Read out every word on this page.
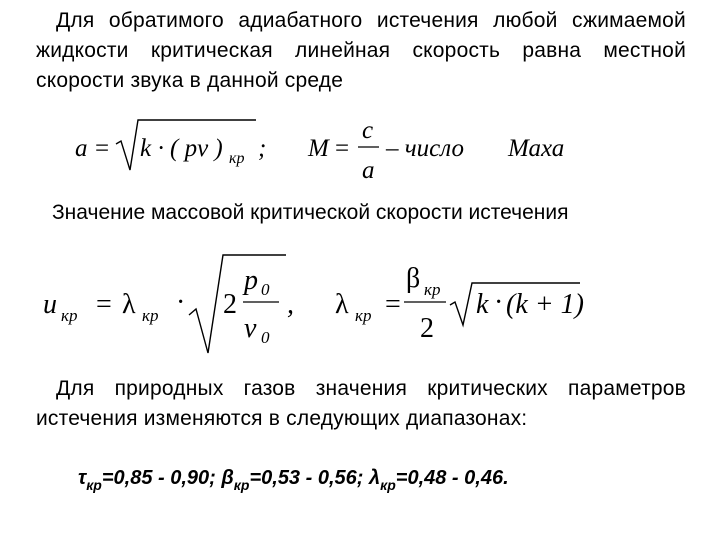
Для обратимого адиабатного истечения любой сжимаемой жидкости критическая линейная скорость равна местной скорости звука в данной среде
a = k · ( pv ) кр ; M =
c
a
– число Маха
Значение массовой критической скорости истечения
u кр = λ кр · 2
p 0
v 0
, λ кр =
β кр
2
k · (k + 1)
Для природных газов значения критических параметров истечения изменяются в следующих диапазонах:
$\tau_{кр}=0,85 - 0,90$; $\beta_{кр}=0,53 - 0,56$; $\lambda_{кр}=0,48 - 0,46$.
